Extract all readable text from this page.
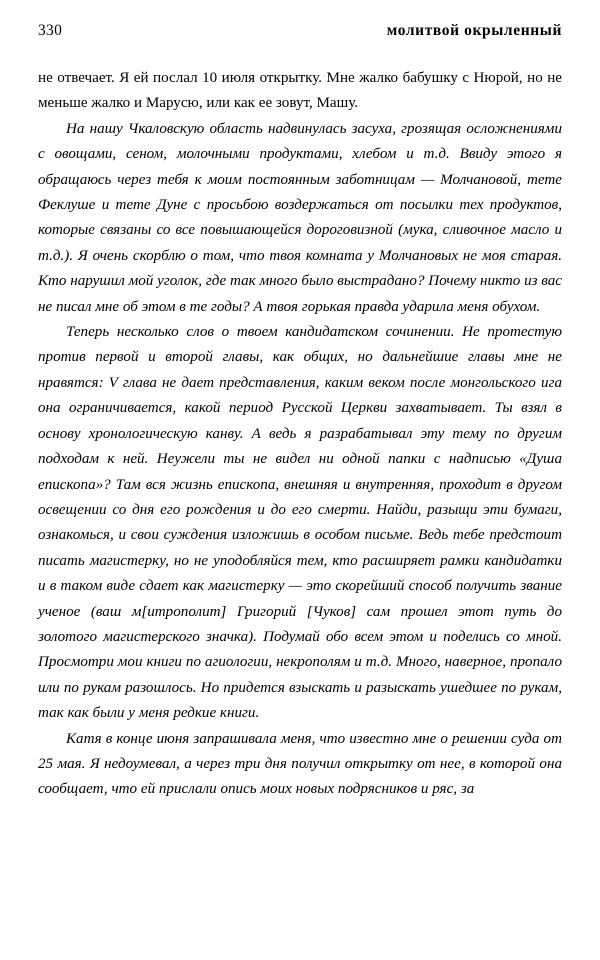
330	молитвой окрыленный

не отвечает. Я ей послал 10 июля открытку. Мне жалко бабушку с Нюрой, но не меньше жалко и Марусю, или как ее зовут, Машу.

На нашу Чкаловскую область надвинулась засуха, грозящая осложнениями с овощами, сеном, молочными продуктами, хлебом и т.д. Ввиду этого я обращаюсь через тебя к моим постоянным заботницам — Молчановой, тете Феклуше и тете Дуне с просьбою воздержаться от посылки тех продуктов, которые связаны со все повышающейся дороговизной (мука, сливочное масло и т.д.). Я очень скорблю о том, что твоя комната у Молчановых не моя старая. Кто нарушил мой уголок, где так много было выстрадано? Почему никто из вас не писал мне об этом в те годы? А твоя горькая правда ударила меня обухом.

Теперь несколько слов о твоем кандидатском сочинении. Не протестую против первой и второй главы, как общих, но дальнейшие главы мне не нравятся: V глава не дает представления, каким веком после монгольского ига она ограничивается, какой период Русской Церкви захватывает. Ты взял в основу хронологическую канву. А ведь я разрабатывал эту тему по другим подходам к ней. Неужели ты не видел ни одной папки с надписью «Душа епископа»? Там вся жизнь епископа, внешняя и внутренняя, проходит в другом освещении со дня его рождения и до его смерти. Найди, разыщи эти бумаги, ознакомься, и свои суждения изложишь в особом письме. Ведь тебе предстоит писать магистерку, но не уподобляйся тем, кто расширяет рамки кандидатки и в таком виде сдает как магистерку — это скорейший способ получить звание ученое (ваш м[итрополит] Григорий [Чуков] сам прошел этот путь до золотого магистерского значка). Подумай обо всем этом и поделись со мной. Просмотри мои книги по агиологии, некрополям и т.д. Много, наверное, пропало или по рукам разошлось. Но придется взыскать и разыскать ушедшее по рукам, так как были у меня редкие книги.

Катя в конце июня запрашивала меня, что известно мне о решении суда от 25 мая. Я недоумевал, а через три дня получил открытку от нее, в которой она сообщает, что ей прислали опись моих новых подрясников и ряс, за
